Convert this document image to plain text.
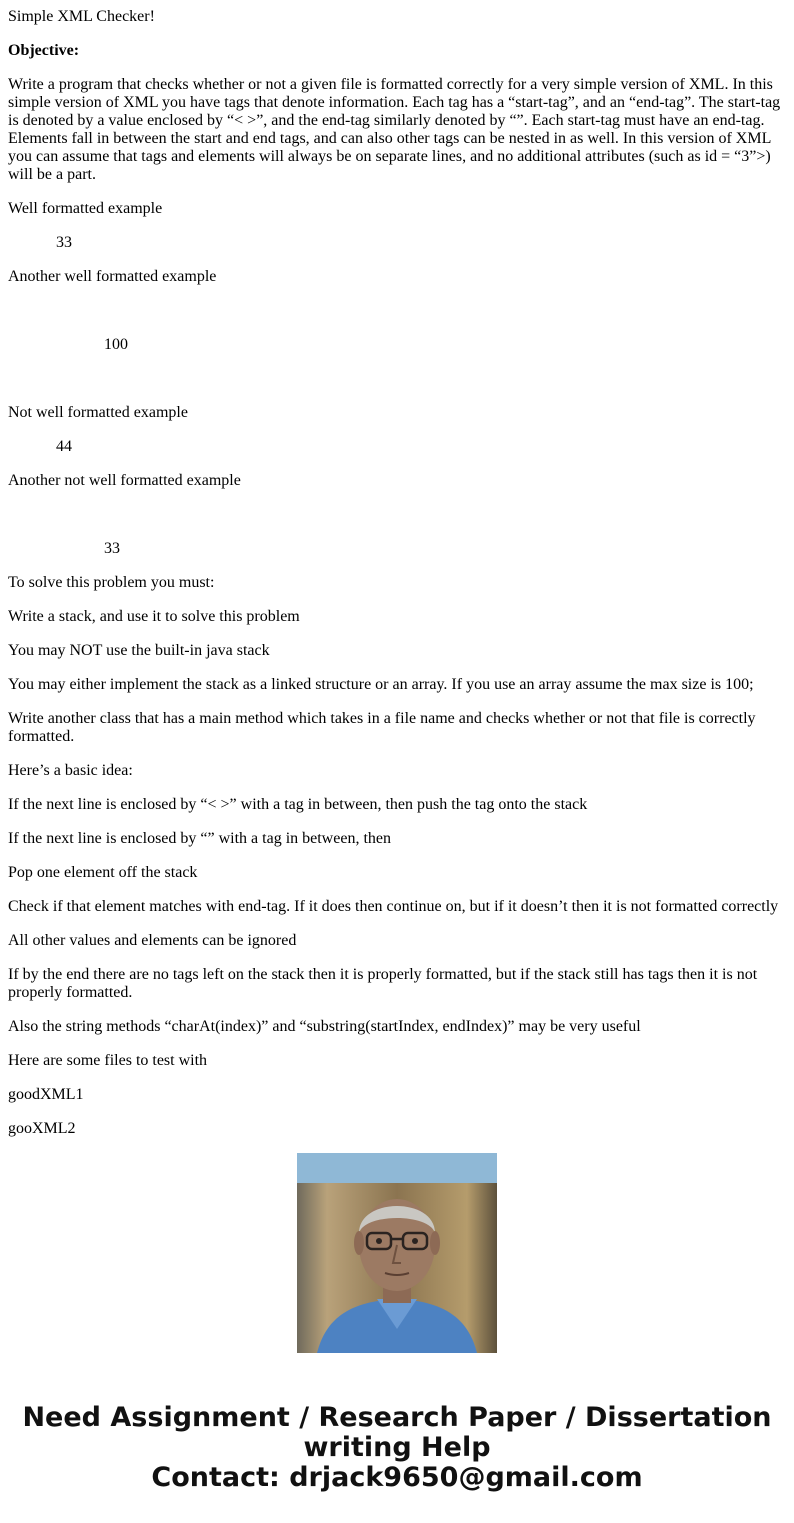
Simple XML Checker!

Objective:

Write a program that checks whether or not a given file is formatted correctly for a very simple version of XML. In this simple version of XML you have tags that denote information. Each tag has a “start-tag”, and an “end-tag”. The start-tag is denoted by a value enclosed by “< >”, and the end-tag similarly denoted by “”. Each start-tag must have an end-tag. Elements fall in between the start and end tags, and can also other tags can be nested in as well. In this version of XML you can assume that tags and elements will always be on separate lines, and no additional attributes (such as id = “3”>) will be a part.

Well formatted example

33

Another well formatted example

100

Not well formatted example

44

Another not well formatted example

33

To solve this problem you must:

Write a stack, and use it to solve this problem

You may NOT use the built-in java stack

You may either implement the stack as a linked structure or an array. If you use an array assume the max size is 100;

Write another class that has a main method which takes in a file name and checks whether or not that file is correctly formatted.

Here’s a basic idea:

If the next line is enclosed by “< >” with a tag in between, then push the tag onto the stack

If the next line is enclosed by “” with a tag in between, then

Pop one element off the stack

Check if that element matches with end-tag. If it does then continue on, but if it doesn’t then it is not formatted correctly

All other values and elements can be ignored

If by the end there are no tags left on the stack then it is properly formatted, but if the stack still has tags then it is not properly formatted.

Also the string methods “charAt(index)” and “substring(startIndex, endIndex)” may be very useful

Here are some files to test with

goodXML1

gooXML2

Need Assignment / Research Paper / Dissertation
writing Help
Contact: drjack9650@gmail.com
